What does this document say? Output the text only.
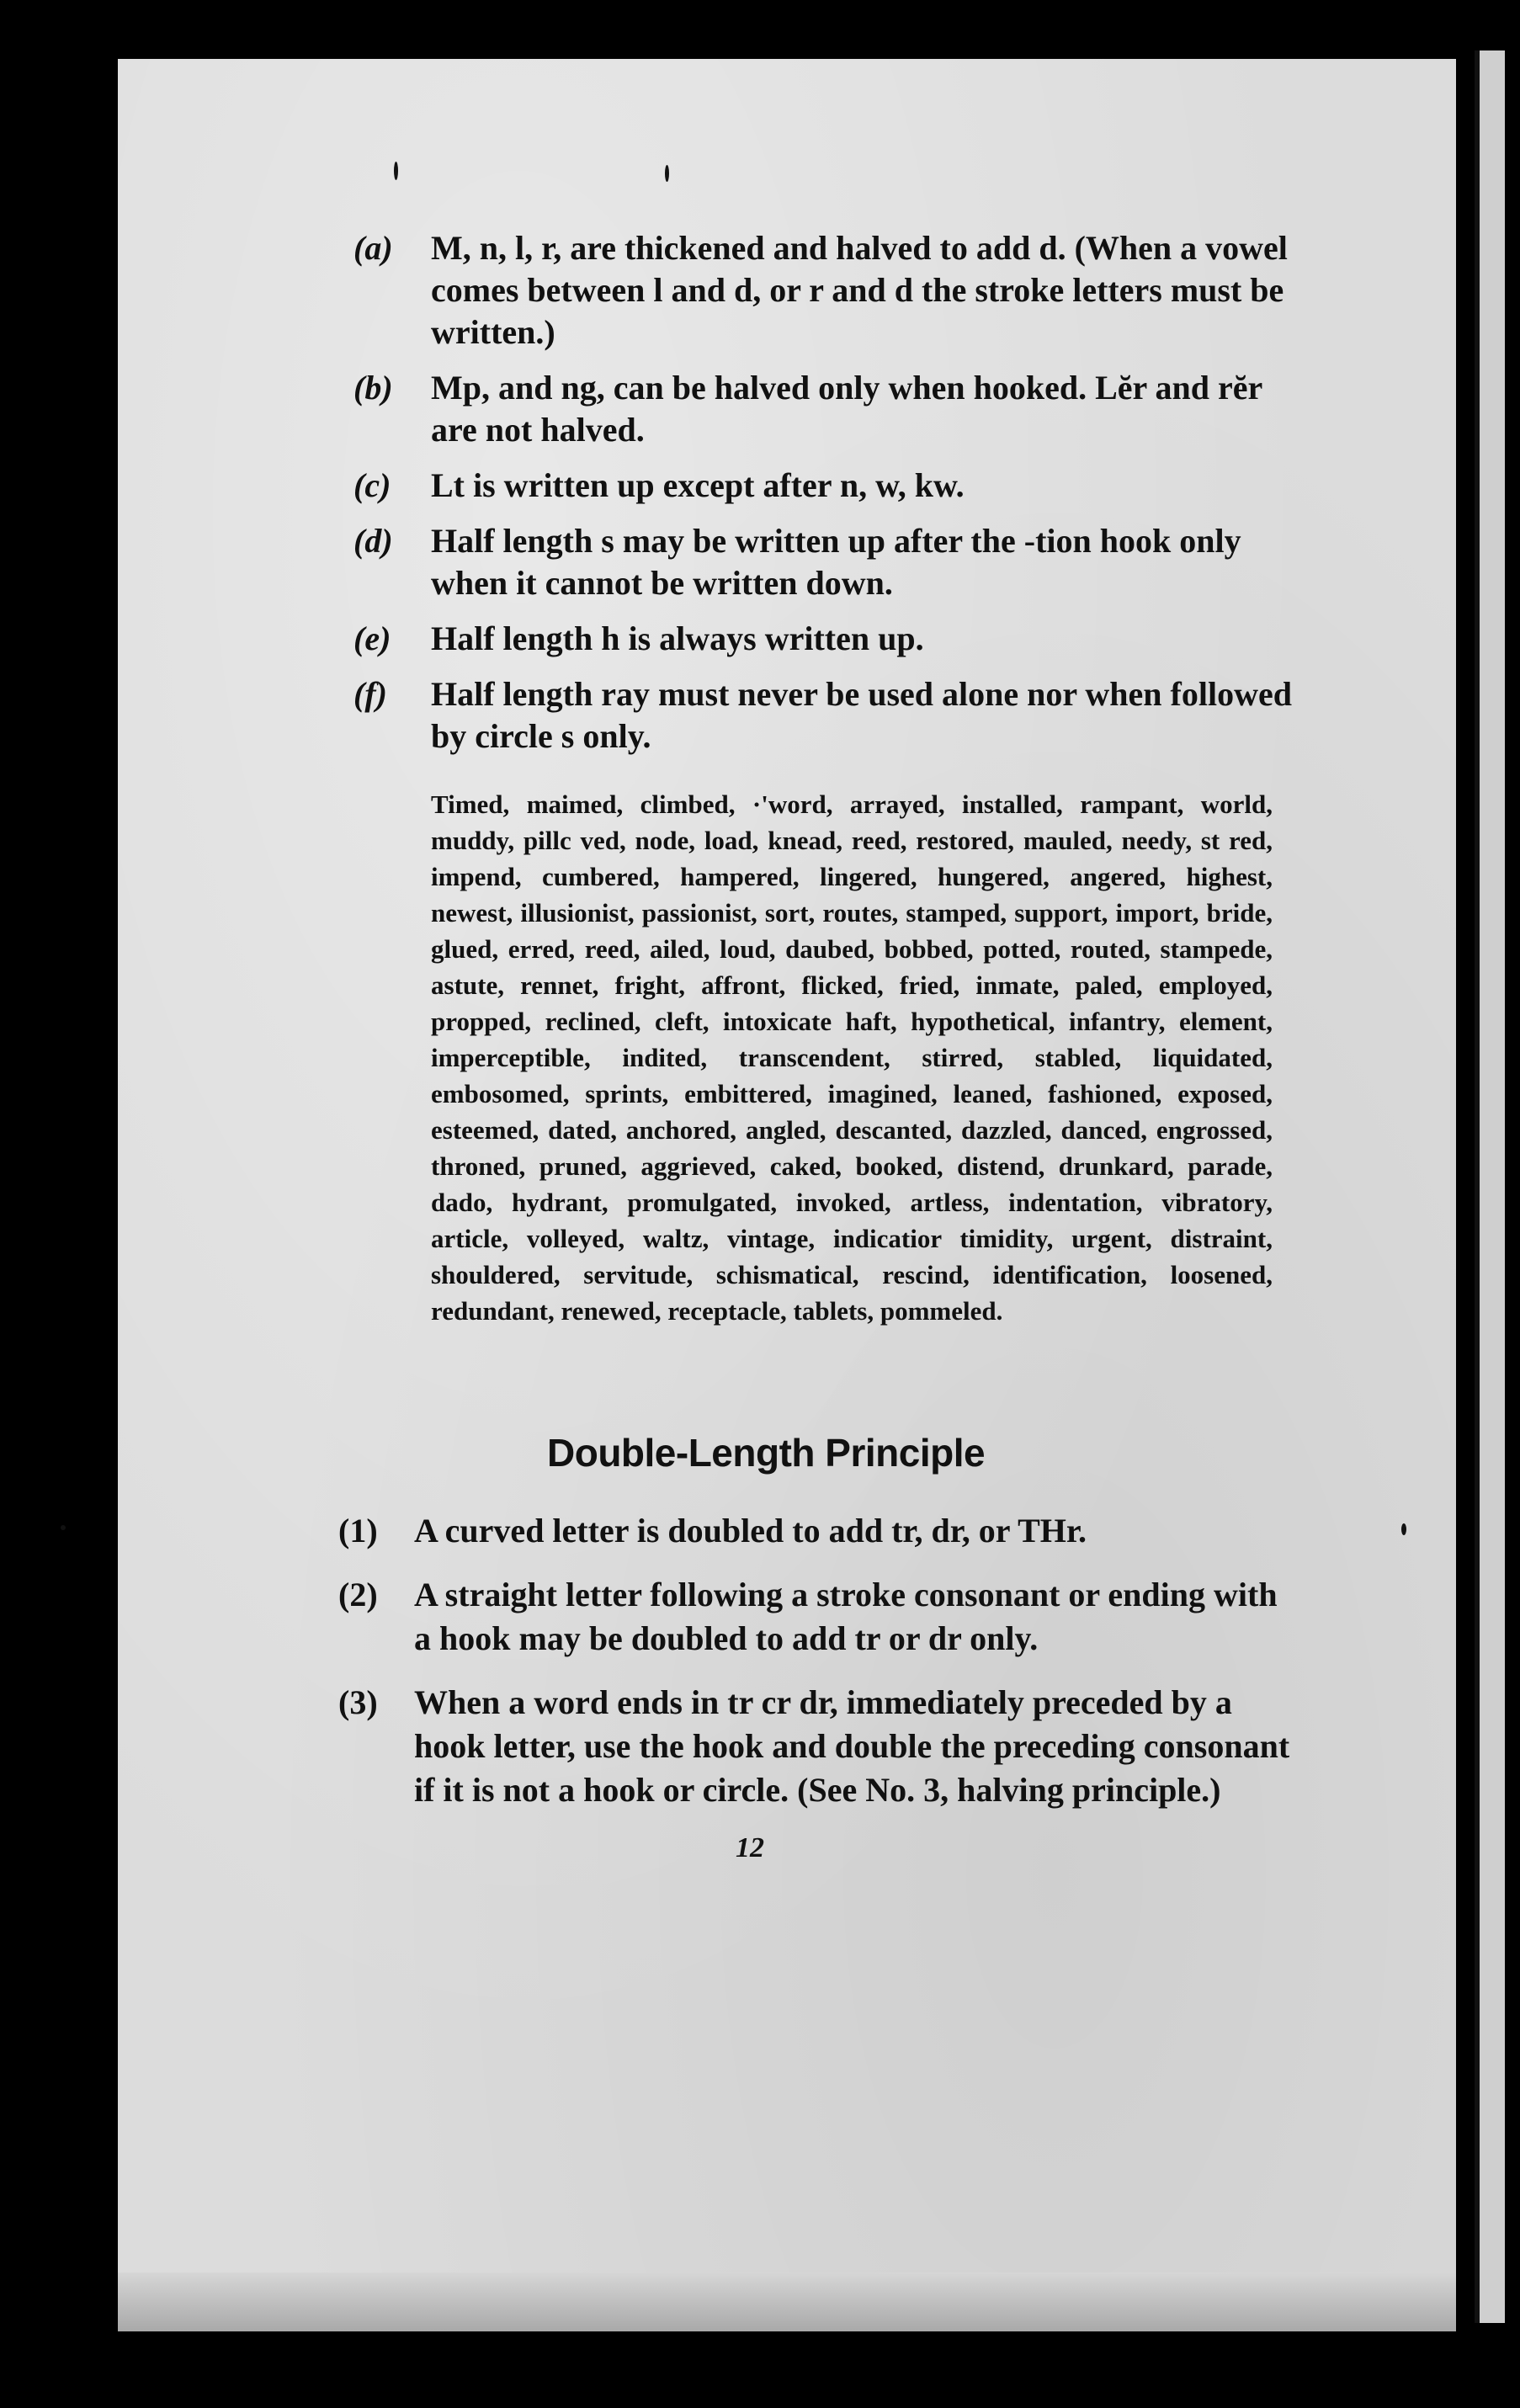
(a) M, n, l, r, are thickened and halved to add d. (When a vowel comes between l and d, or r and d the stroke letters must be written.)
(b) Mp, and ng, can be halved only when hooked. Lĕr and rĕr are not halved.
(c) Lt is written up except after n, w, kw.
(d) Half length s may be written up after the -tion hook only when it cannot be written down.
(e) Half length h is always written up.
(f) Half length ray must never be used alone nor when followed by circle s only.

Timed, maimed, climbed, ·'word, arrayed, installed, rampant, world, muddy, pillc ved, node, load, knead, reed, restored, mauled, needy, st red, impend, cumbered, hampered, lingered, hungered, angered, highest, newest, illusionist, passionist, sort, routes, stamped, support, import, bride, glued, erred, reed, ailed, loud, daubed, bobbed, potted, routed, stampede, astute, rennet, fright, affront, flicked, fried, inmate, paled, employed, propped, reclined, cleft, intoxicate haft, hypothetical, infantry, element, imperceptible, indited, transcendent, stirred, stabled, liquidated, embosomed, sprints, embittered, imagined, leaned, fashioned, exposed, esteemed, dated, anchored, angled, descanted, dazzled, danced, engrossed, throned, pruned, aggrieved, caked, booked, distend, drunkard, parade, dado, hydrant, promulgated, invoked, artless, indentation, vibratory, article, volleyed, waltz, vintage, indicatior timidity, urgent, distraint, shouldered, servitude, schismatical, rescind, identification, loosened, redundant, renewed, receptacle, tablets, pommeled.

Double-Length Principle
(1) A curved letter is doubled to add tr, dr, or THr.
(2) A straight letter following a stroke consonant or ending with a hook may be doubled to add tr or dr only.
(3) When a word ends in tr cr dr, immediately preceded by a hook letter, use the hook and double the preceding consonant if it is not a hook or circle. (See No. 3, halving principle.)
12
